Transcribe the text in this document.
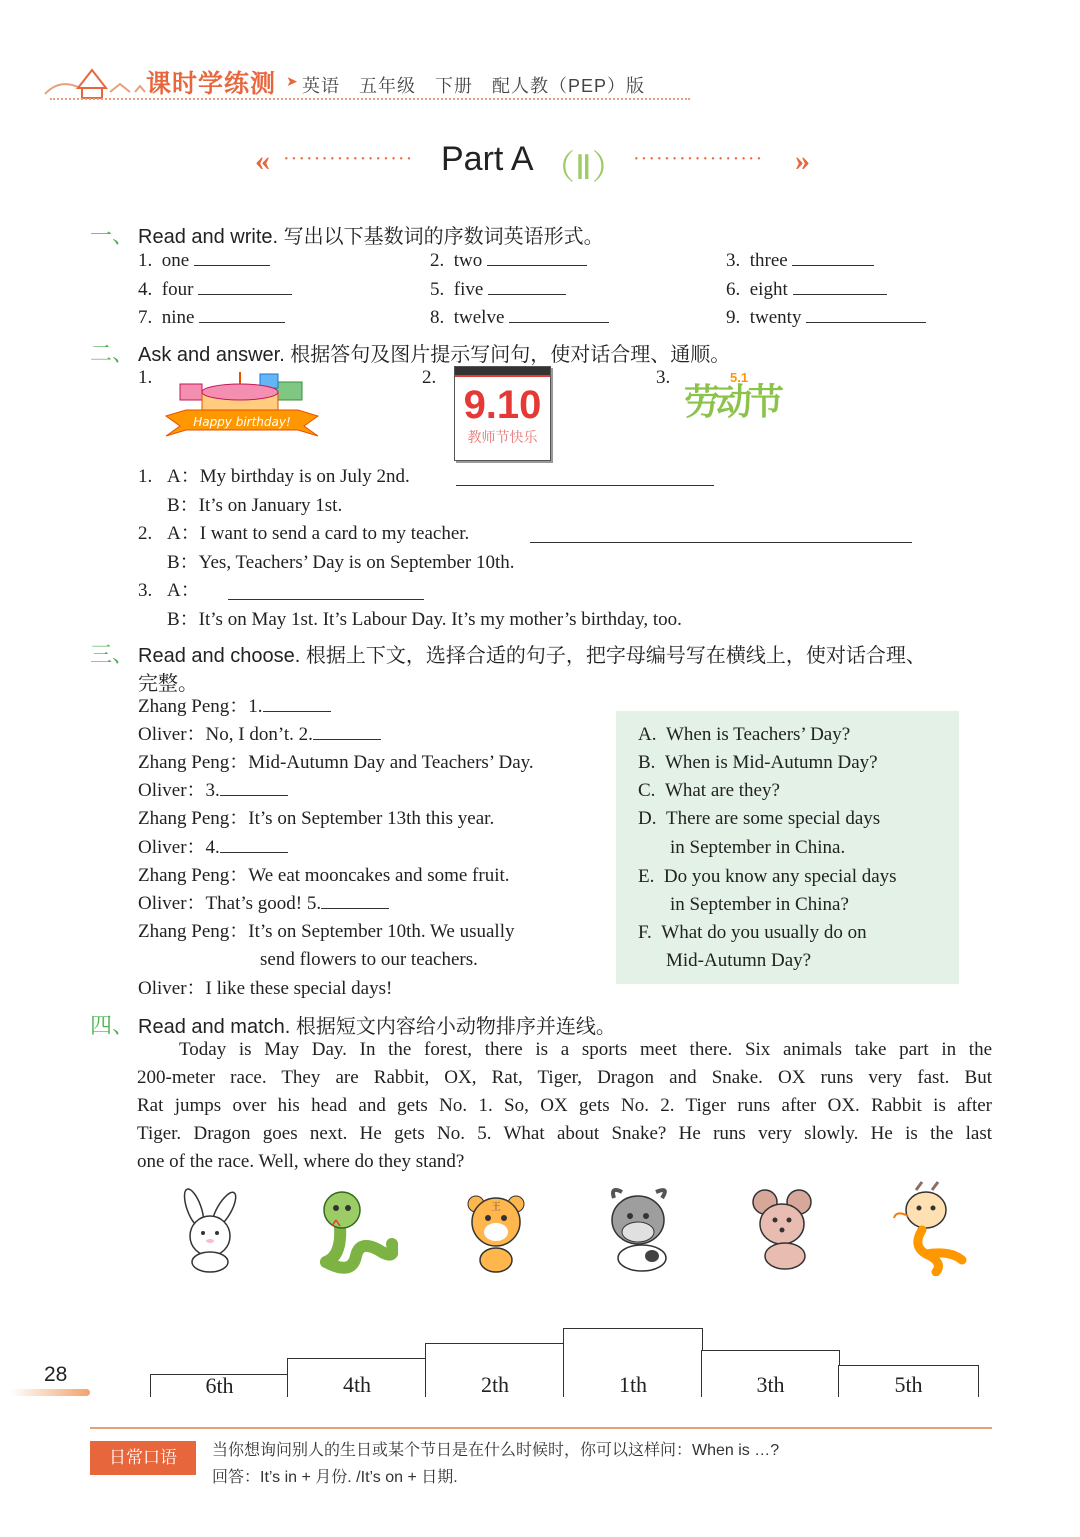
课时学练测 ➤ 英语　五年级　下册　配人教（PEP）版
« ················· Part A （Ⅱ） ················· »
一、 Read and write. 写出以下基数词的序数词英语形式。
1. one	2. two	3. three
4. four	5. five	6. eight
7. nine	8. twelve	9. twenty
二、 Ask and answer. 根据答句及图片提示写问句，使对话合理、通顺。
1.	2.	3.
Happy birthday!	9.10
教师节快乐
劳动节
5.1
1. A：My birthday is on July 2nd.
B：It’s on January 1st.
2. A：I want to send a card to my teacher.
B：Yes, Teachers’ Day is on September 10th.
3. A：
B：It’s on May 1st. It’s Labour Day. It’s my mother’s birthday, too.
三、 Read and choose. 根据上下文，选择合适的句子，把字母编号写在横线上，使对话合理、
完整。
Zhang Peng：1.
Oliver：No, I don’t. 2.
Zhang Peng：Mid-Autumn Day and Teachers’ Day.
Oliver：3.
Zhang Peng：It’s on September 13th this year.
Oliver：4.
Zhang Peng：We eat mooncakes and some fruit.
Oliver：That’s good! 5.
Zhang Peng：It’s on September 10th. We usually
send flowers to our teachers.
Oliver：I like these special days!
A. When is Teachers’ Day?
B. When is Mid-Autumn Day?
C. What are they?
D. There are some special days
in September in China.
E. Do you know any special days
in September in China?
F. What do you usually do on
Mid-Autumn Day?
四、 Read and match. 根据短文内容给小动物排序并连线。
Today is May Day. In the forest, there is a sports meet there. Six animals take part in the
200-meter race. They are Rabbit, OX, Rat, Tiger, Dragon and Snake. OX runs very fast. But
Rat jumps over his head and gets No. 1. So, OX gets No. 2. Tiger runs after OX. Rabbit is after
Tiger. Dragon goes next. He gets No. 5. What about Snake? He runs very slowly. He is the last
one of the race. Well, where do they stand?
王
6th	4th	2th	1th	3th	5th
28
日常口语	当你想询问别人的生日或某个节日是在什么时候时，你可以这样问：When is …?
回答：It’s in + 月份. /It’s on + 日期.
